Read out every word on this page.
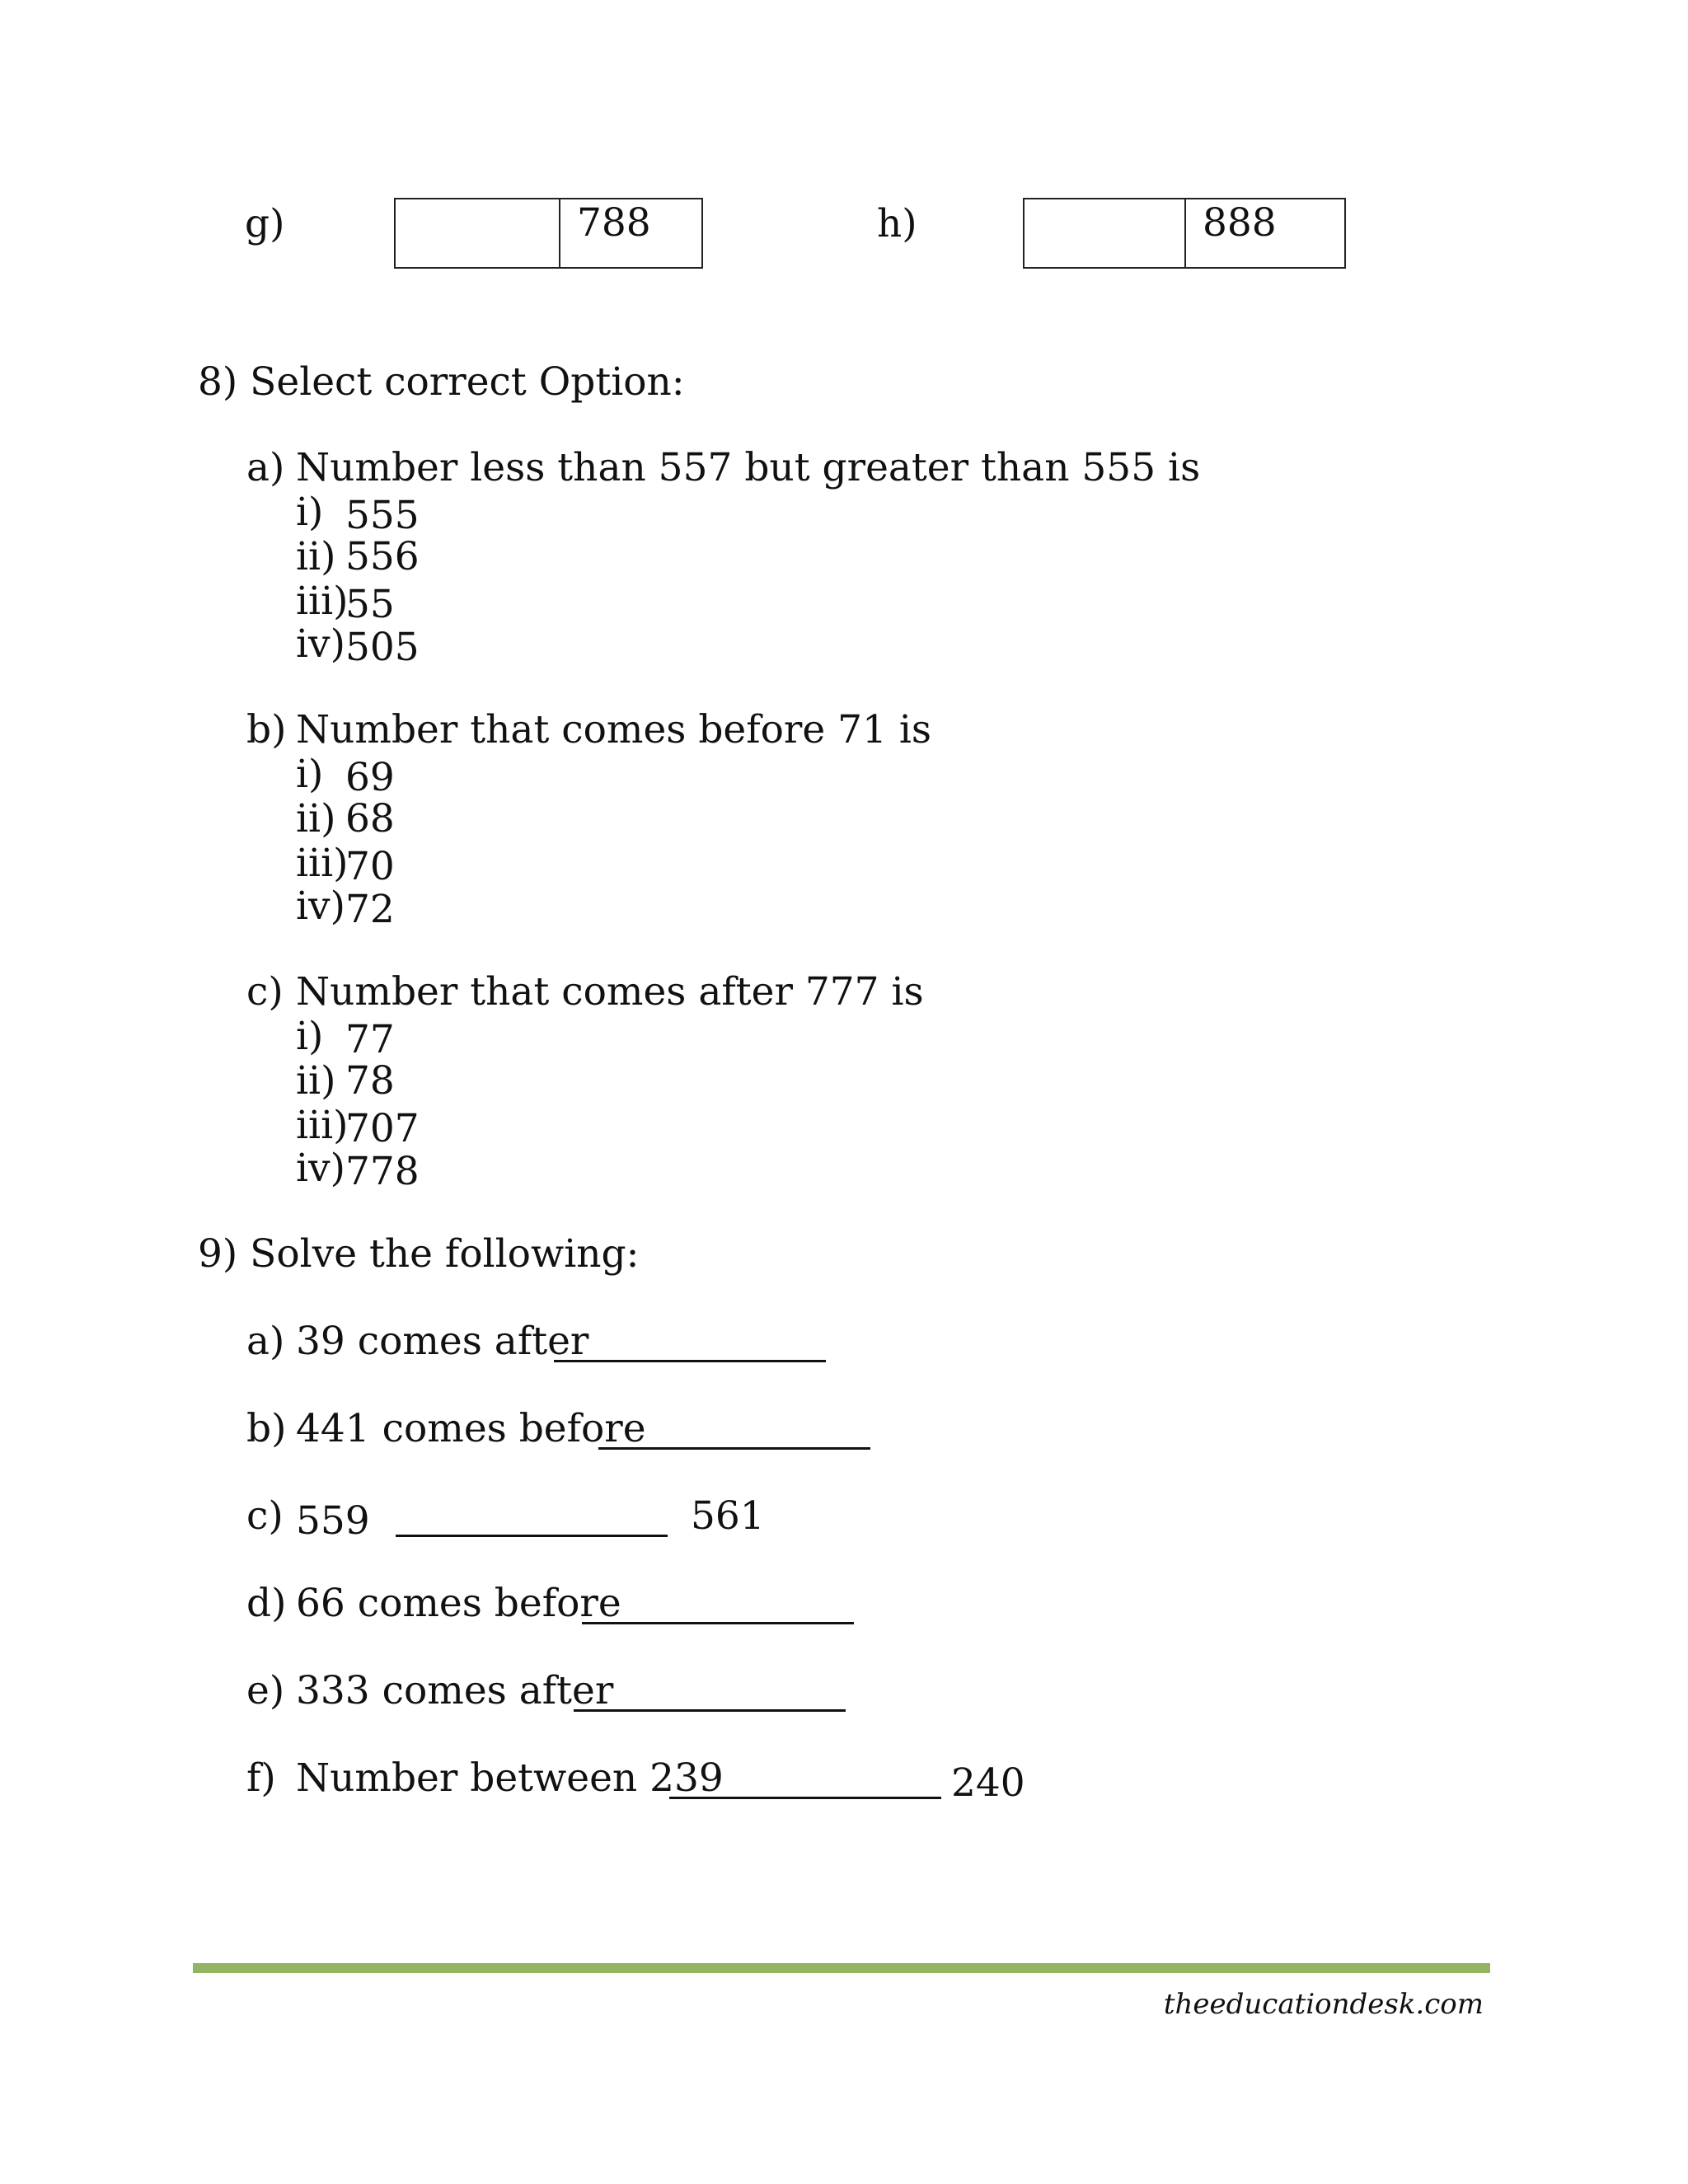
g)	788	h)	888
8) Select correct Option:
a) Number less than 557 but greater than 555 is
i) 555
ii) 556
iii)
55
iv) 505
b) Number that comes before 71 is
i) 69
ii) 68
iii)
70
iv) 72
c) Number that comes after 777 is
i) 77
ii) 78
iii)
707
iv) 778
9) Solve the following:
a) 39 comes after
b) 441 comes before
c) 559	561
d) 66 comes before
e) 333 comes after
f) Number between 239	240
theeducationdesk.com
